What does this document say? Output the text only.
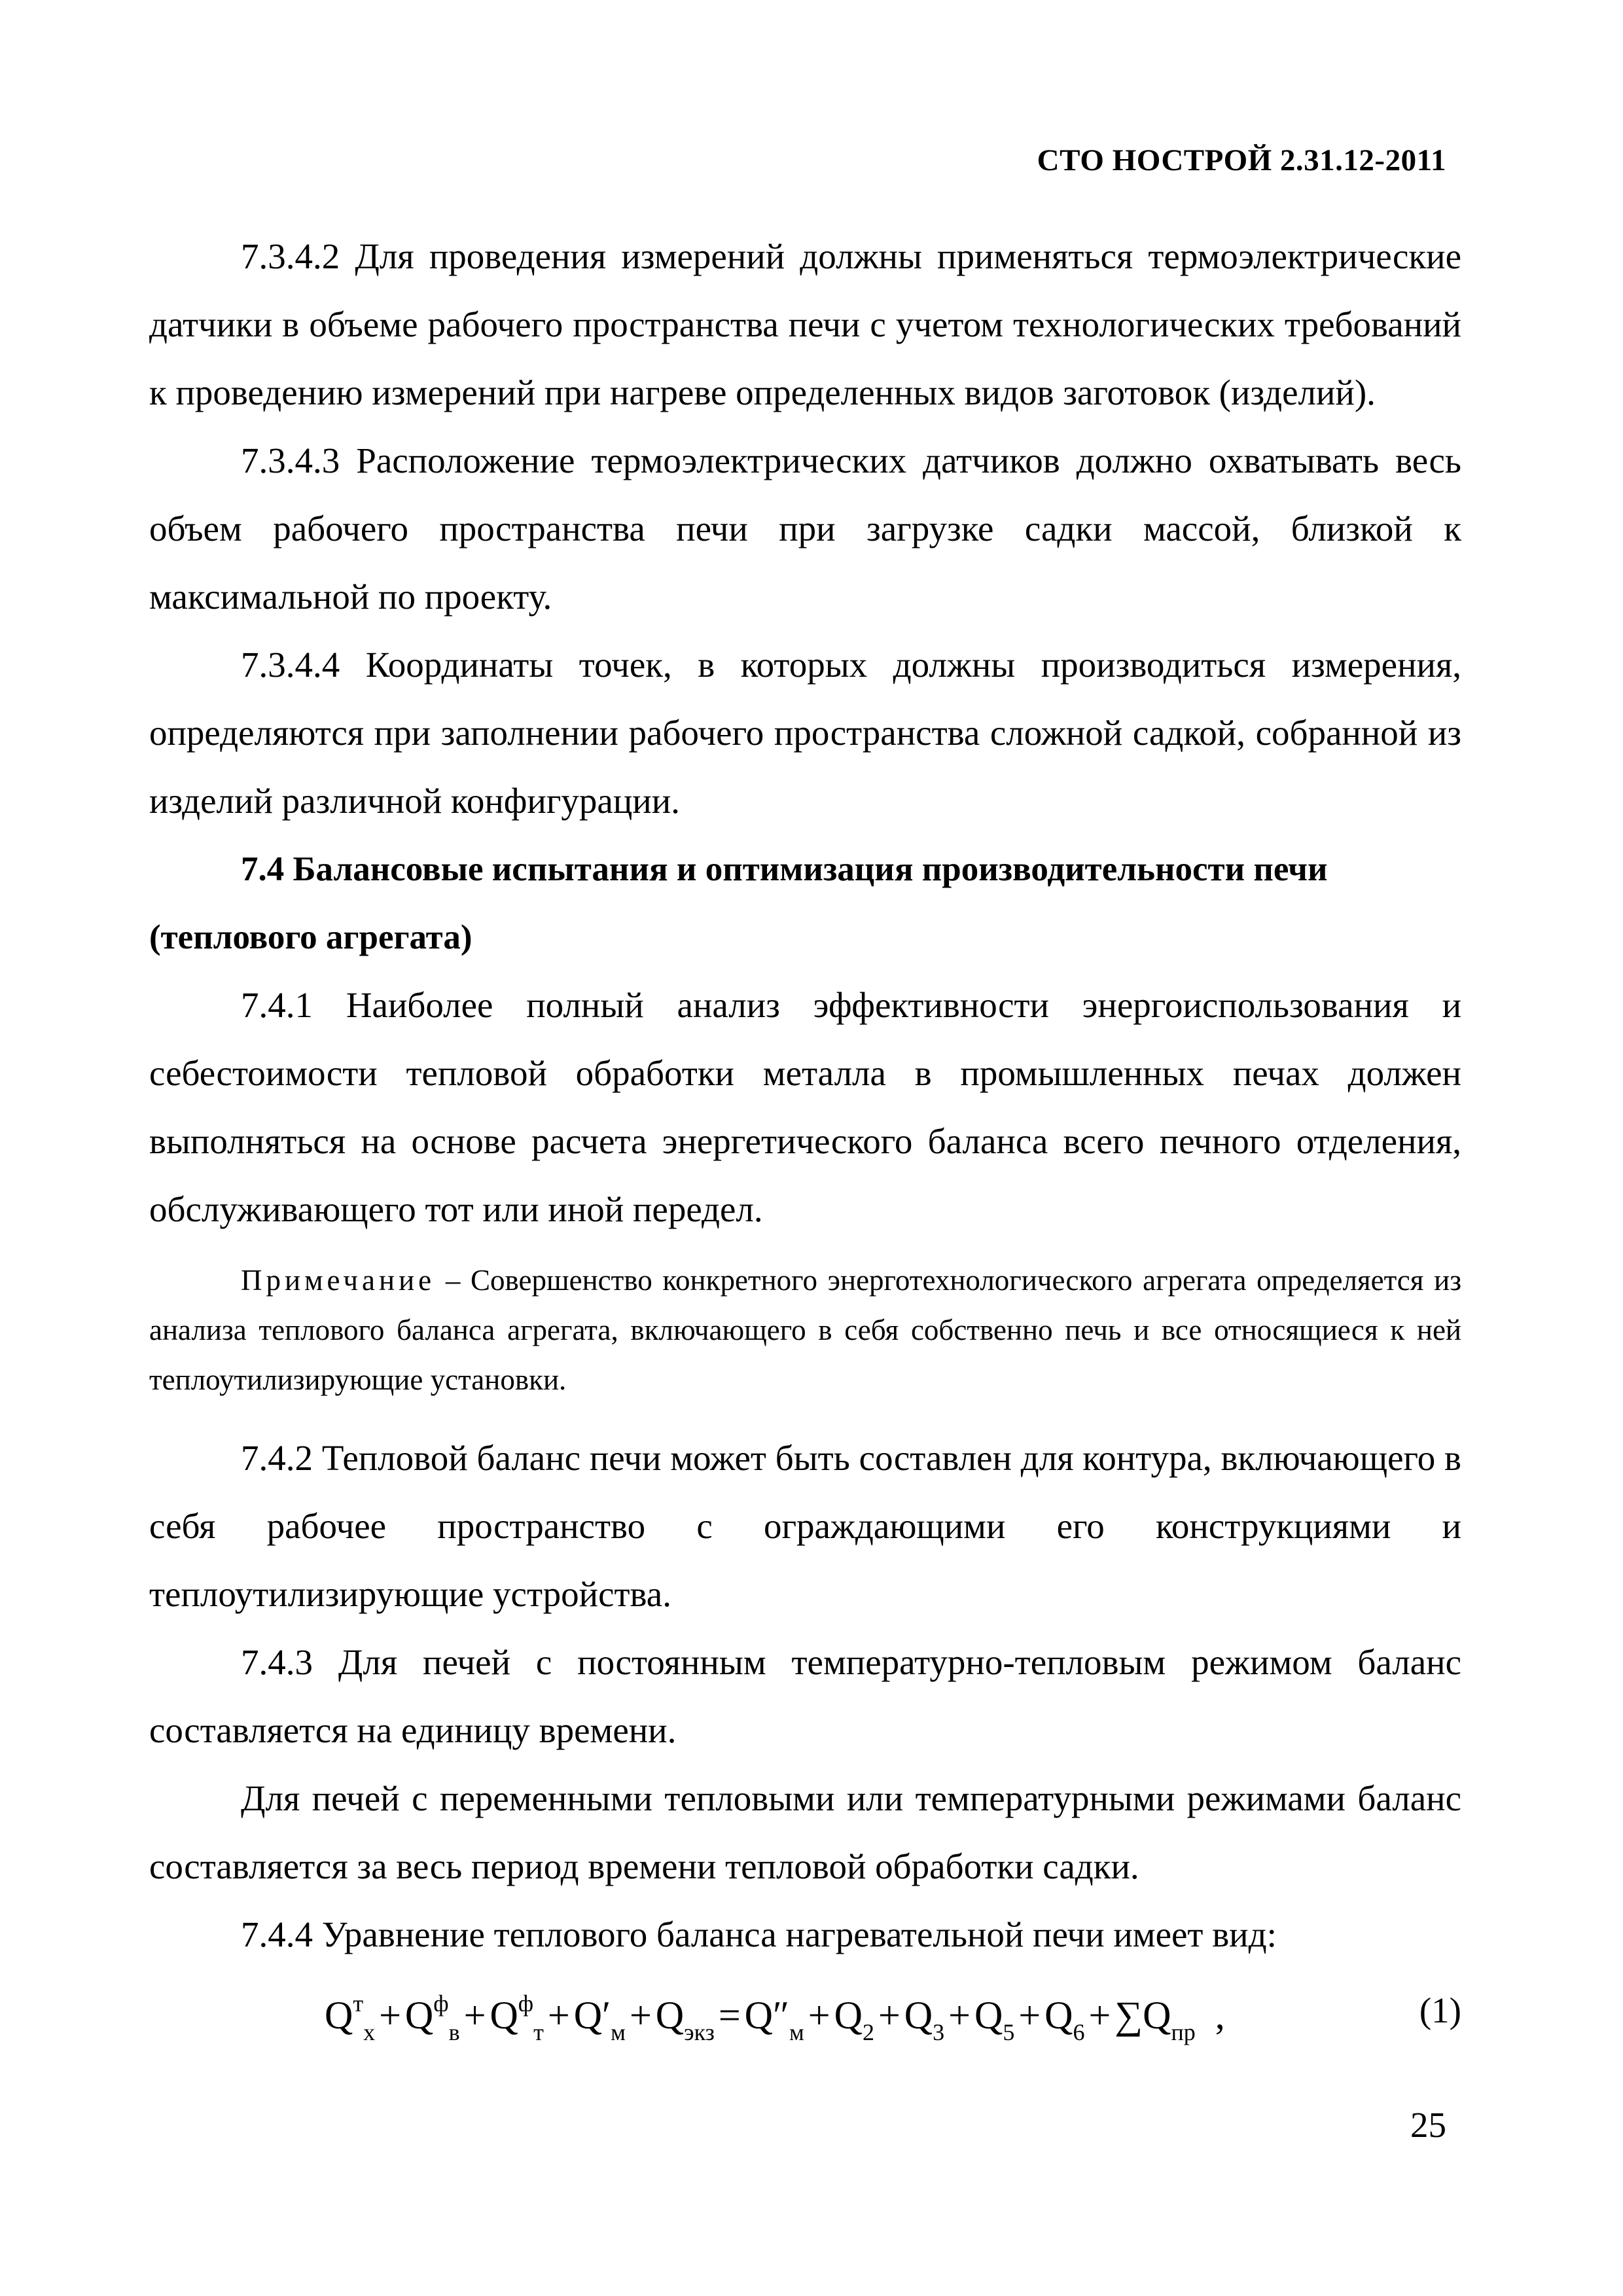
СТО НОСТРОЙ 2.31.12-2011

7.3.4.2 Для проведения измерений должны применяться термоэлектрические датчики в объеме рабочего пространства печи с учетом технологических требований к проведению измерений при нагреве определенных видов заготовок (изделий).

7.3.4.3 Расположение термоэлектрических датчиков должно охватывать весь объем рабочего пространства печи при загрузке садки массой, близкой к максимальной по проекту.

7.3.4.4 Координаты точек, в которых должны производиться измерения, определяются при заполнении рабочего пространства сложной садкой, собранной из изделий различной конфигурации.

7.4 Балансовые испытания и оптимизация производительности печи

(теплового агрегата)

7.4.1 Наиболее полный анализ эффективности энергоиспользования и себестоимости тепловой обработки металла в промышленных печах должен выполняться на основе расчета энергетического баланса всего печного отделения, обслуживающего тот или иной передел.

Примечание – Совершенство конкретного энерготехнологического агрегата определяется из анализа теплового баланса агрегата, включающего в себя собственно печь и все относящиеся к ней теплоутилизирующие установки.

7.4.2 Тепловой баланс печи может быть составлен для контура, включающего в себя рабочее пространство с ограждающими его конструкциями и теплоутилизирующие устройства.

7.4.3 Для печей с постоянным температурно-тепловым режимом баланс составляется на единицу времени.

Для печей с переменными тепловыми или температурными режимами баланс составляется за весь период времени тепловой обработки садки.

7.4.4 Уравнение теплового баланса нагревательной печи имеет вид:

$Q^т_х + Q^ф_в + Q^ф_т + Q'_м + Q_{экз} = Q''_м + Q_2 + Q_3 + Q_5 + Q_6 + \sum Q_{пр}$ ,	(1)
25
